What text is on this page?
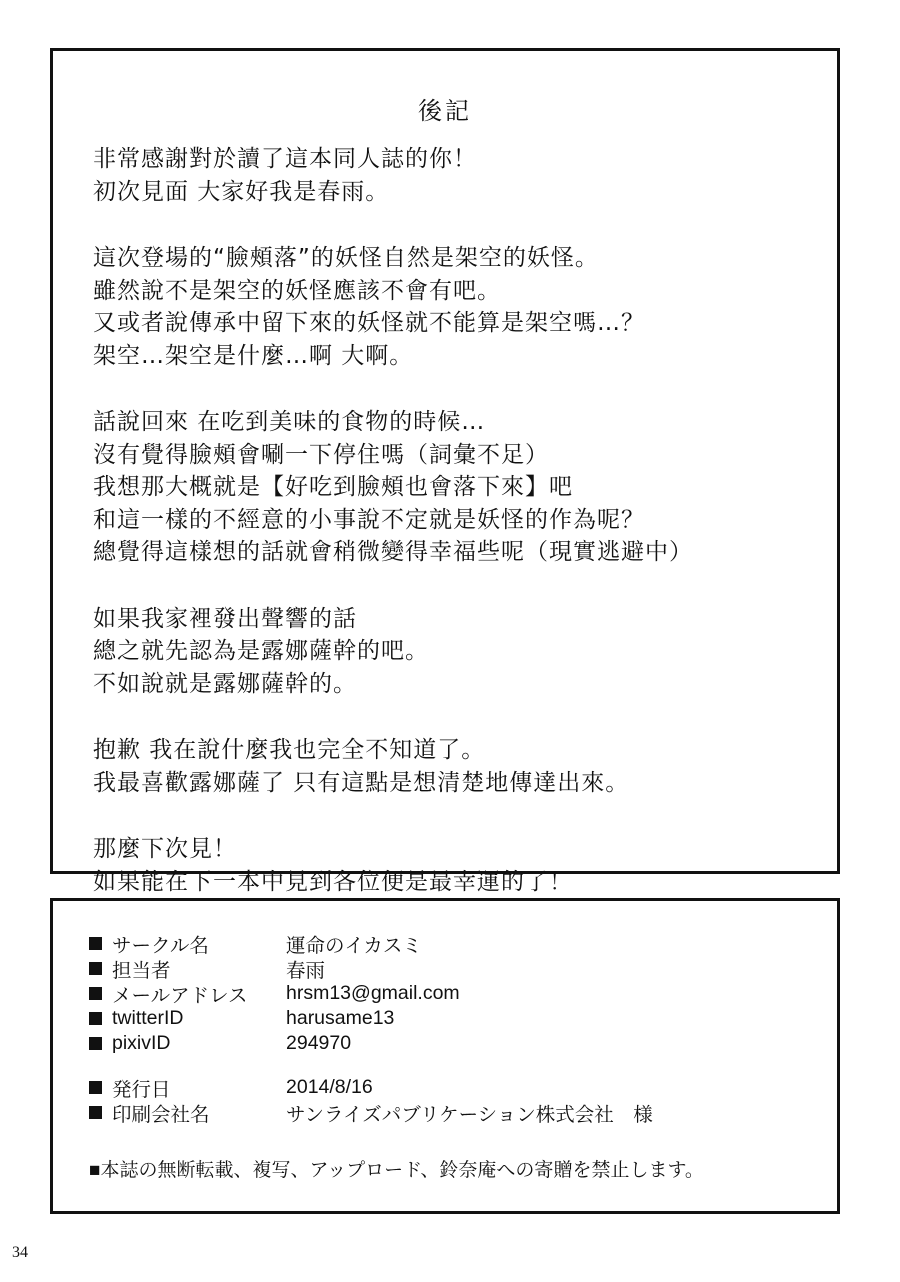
後記
非常感謝對於讀了這本同人誌的你！
初次見面 大家好我是春雨。
這次登場的“臉頰落”的妖怪自然是架空的妖怪。
雖然說不是架空的妖怪應該不會有吧。
又或者說傳承中留下來的妖怪就不能算是架空嗎…？
架空…架空是什麼…啊 大啊。
話說回來 在吃到美味的食物的時候…
沒有覺得臉頰會唰一下停住嗎（詞彙不足）
我想那大概就是【好吃到臉頰也會落下來】吧
和這一樣的不經意的小事說不定就是妖怪的作為呢？
總覺得這樣想的話就會稍微變得幸福些呢（現實逃避中）
如果我家裡發出聲響的話
總之就先認為是露娜薩幹的吧。
不如說就是露娜薩幹的。
抱歉 我在說什麼我也完全不知道了。
我最喜歡露娜薩了 只有這點是想清楚地傳達出來。
那麼下次見！
如果能在下一本中見到各位便是最幸運的了！
サークル名	運命のイカスミ
担当者	春雨
メールアドレス	hrsm13@gmail.com
twitterID	harusame13
pixivID	294970
発行日	2014/8/16
印刷会社名	サンライズパブリケーション株式会社　様
■本誌の無断転載、複写、アップロード、鈴奈庵への寄贈を禁止します。
34
